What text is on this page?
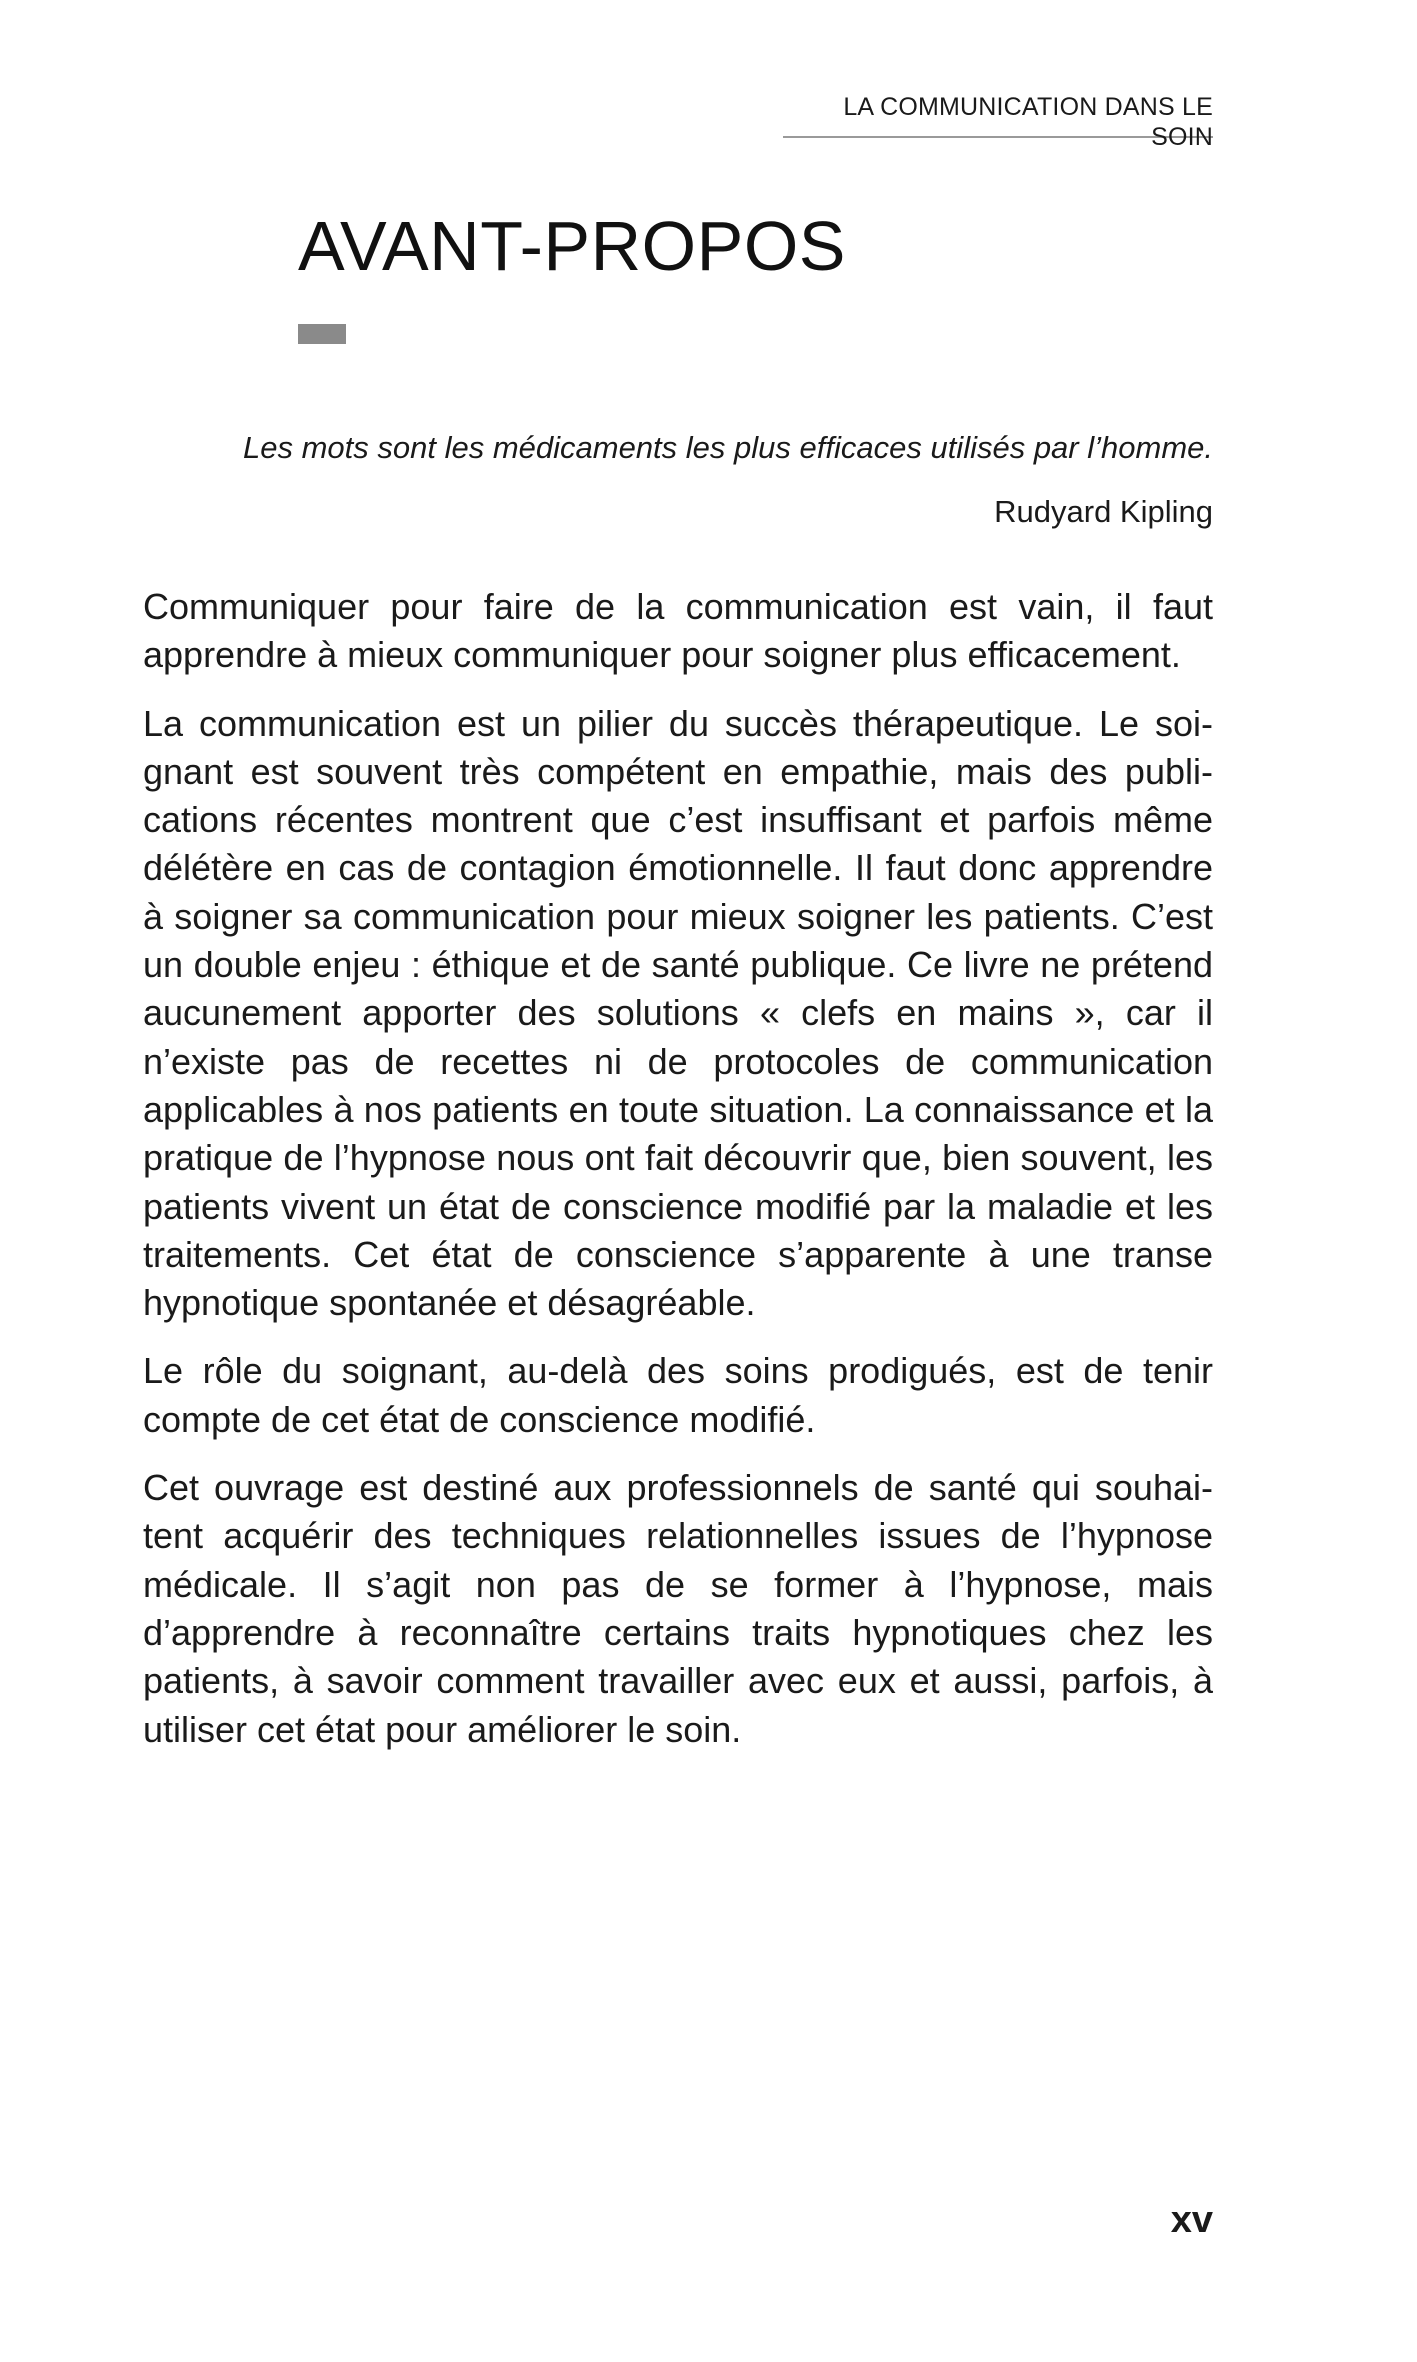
LA COMMUNICATION DANS LE SOIN
AVANT-PROPOS

Les mots sont les médicaments les plus efficaces utilisés par l’homme.

Rudyard Kipling

Communiquer pour faire de la communication est vain, il faut apprendre à mieux communiquer pour soigner plus efficacement.

La communication est un pilier du succès thérapeutique. Le soignant est souvent très compétent en empathie, mais des publications récentes montrent que c’est insuffisant et parfois même délétère en cas de contagion émotionnelle. Il faut donc apprendre à soigner sa communication pour mieux soigner les patients. C’est un double enjeu : éthique et de santé publique. Ce livre ne prétend aucunement apporter des solutions « clefs en mains », car il n’existe pas de recettes ni de protocoles de communication applicables à nos patients en toute situation. La connaissance et la pratique de l’hypnose nous ont fait découvrir que, bien souvent, les patients vivent un état de conscience modifié par la maladie et les traitements. Cet état de conscience s’apparente à une transe hypnotique spontanée et désagréable.

Le rôle du soignant, au-delà des soins prodigués, est de tenir compte de cet état de conscience modifié.

Cet ouvrage est destiné aux professionnels de santé qui souhaitent acquérir des techniques relationnelles issues de l’hypnose médicale. Il s’agit non pas de se former à l’hypnose, mais d’apprendre à reconnaître certains traits hypnotiques chez les patients, à savoir comment travailler avec eux et aussi, parfois, à utiliser cet état pour améliorer le soin.

xv
